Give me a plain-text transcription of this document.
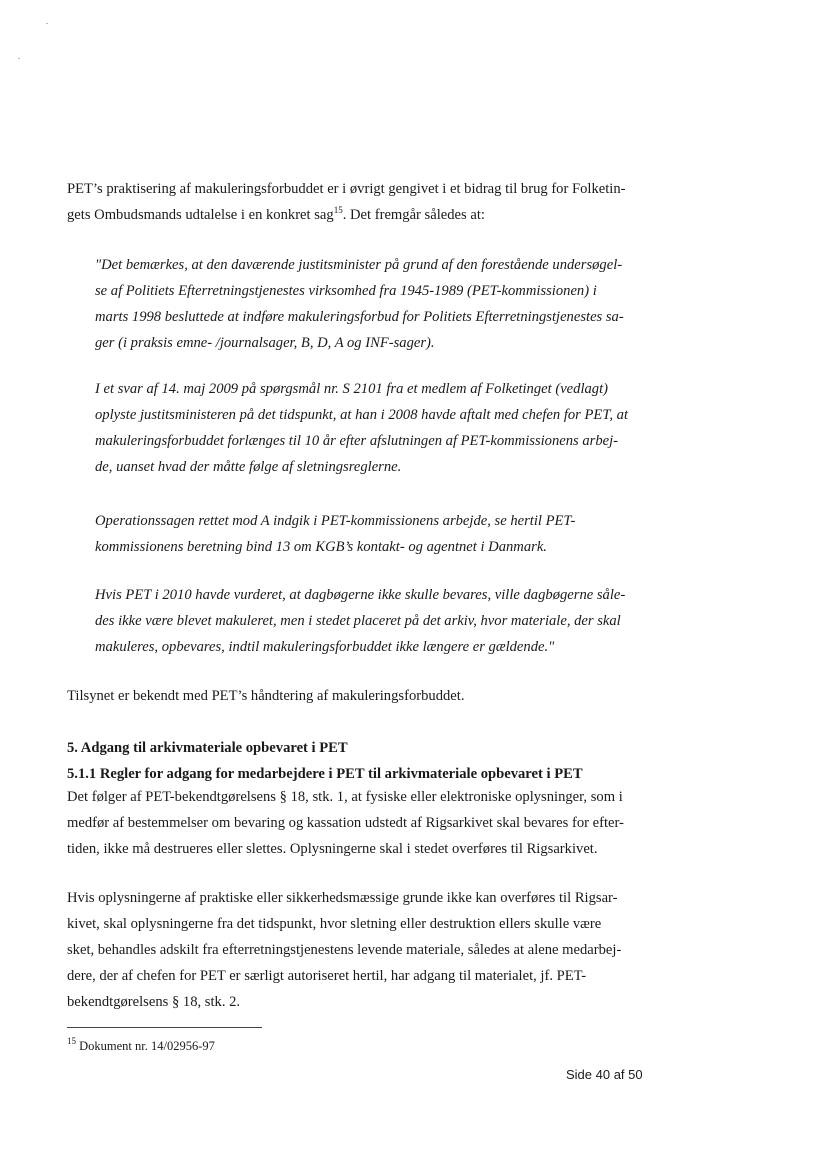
PET’s praktisering af makuleringsforbuddet er i øvrigt gengivet i et bidrag til brug for Folketin-
gets Ombudsmands udtalelse i en konkret sag$^{15}$. Det fremgår således at:

"Det bemærkes, at den daværende justitsminister på grund af den forestående undersøgel-
se af Politiets Efterretningstjenestes virksomhed fra 1945-1989 (PET-kommissionen) i
marts 1998 besluttede at indføre makuleringsforbud for Politiets Efterretningstjenestes sa-
ger (i praksis emne- /journalsager, B, D, A og INF-sager).

I et svar af 14. maj 2009 på spørgsmål nr. S 2101 fra et medlem af Folketinget (vedlagt)
oplyste justitsministeren på det tidspunkt, at han i 2008 havde aftalt med chefen for PET, at
makuleringsforbuddet forlænges til 10 år efter afslutningen af PET-kommissionens arbej-
de, uanset hvad der måtte følge af sletningsreglerne.

Operationssagen rettet mod A indgik i PET-kommissionens arbejde, se hertil PET-
kommissionens beretning bind 13 om KGB’s kontakt- og agentnet i Danmark.

Hvis PET i 2010 havde vurderet, at dagbøgerne ikke skulle bevares, ville dagbøgerne såle-
des ikke være blevet makuleret, men i stedet placeret på det arkiv, hvor materiale, der skal
makuleres, opbevares, indtil makuleringsforbuddet ikke længere er gældende."

Tilsynet er bekendt med PET’s håndtering af makuleringsforbuddet.

5. Adgang til arkivmateriale opbevaret i PET
5.1.1 Regler for adgang for medarbejdere i PET til arkivmateriale opbevaret i PET

Det følger af PET-bekendtgørelsens § 18, stk. 1, at fysiske eller elektroniske oplysninger, som i
medfør af bestemmelser om bevaring og kassation udstedt af Rigsarkivet skal bevares for efter-
tiden, ikke må destrueres eller slettes. Oplysningerne skal i stedet overføres til Rigsarkivet.

Hvis oplysningerne af praktiske eller sikkerhedsmæssige grunde ikke kan overføres til Rigsar-
kivet, skal oplysningerne fra det tidspunkt, hvor sletning eller destruktion ellers skulle være
sket, behandles adskilt fra efterretningstjenestens levende materiale, således at alene medarbej-
dere, der af chefen for PET er særligt autoriseret hertil, har adgang til materialet, jf. PET-
bekendtgørelsens § 18, stk. 2.

$^{15}$ Dokument nr. 14/02956-97

Side 40 af 50
